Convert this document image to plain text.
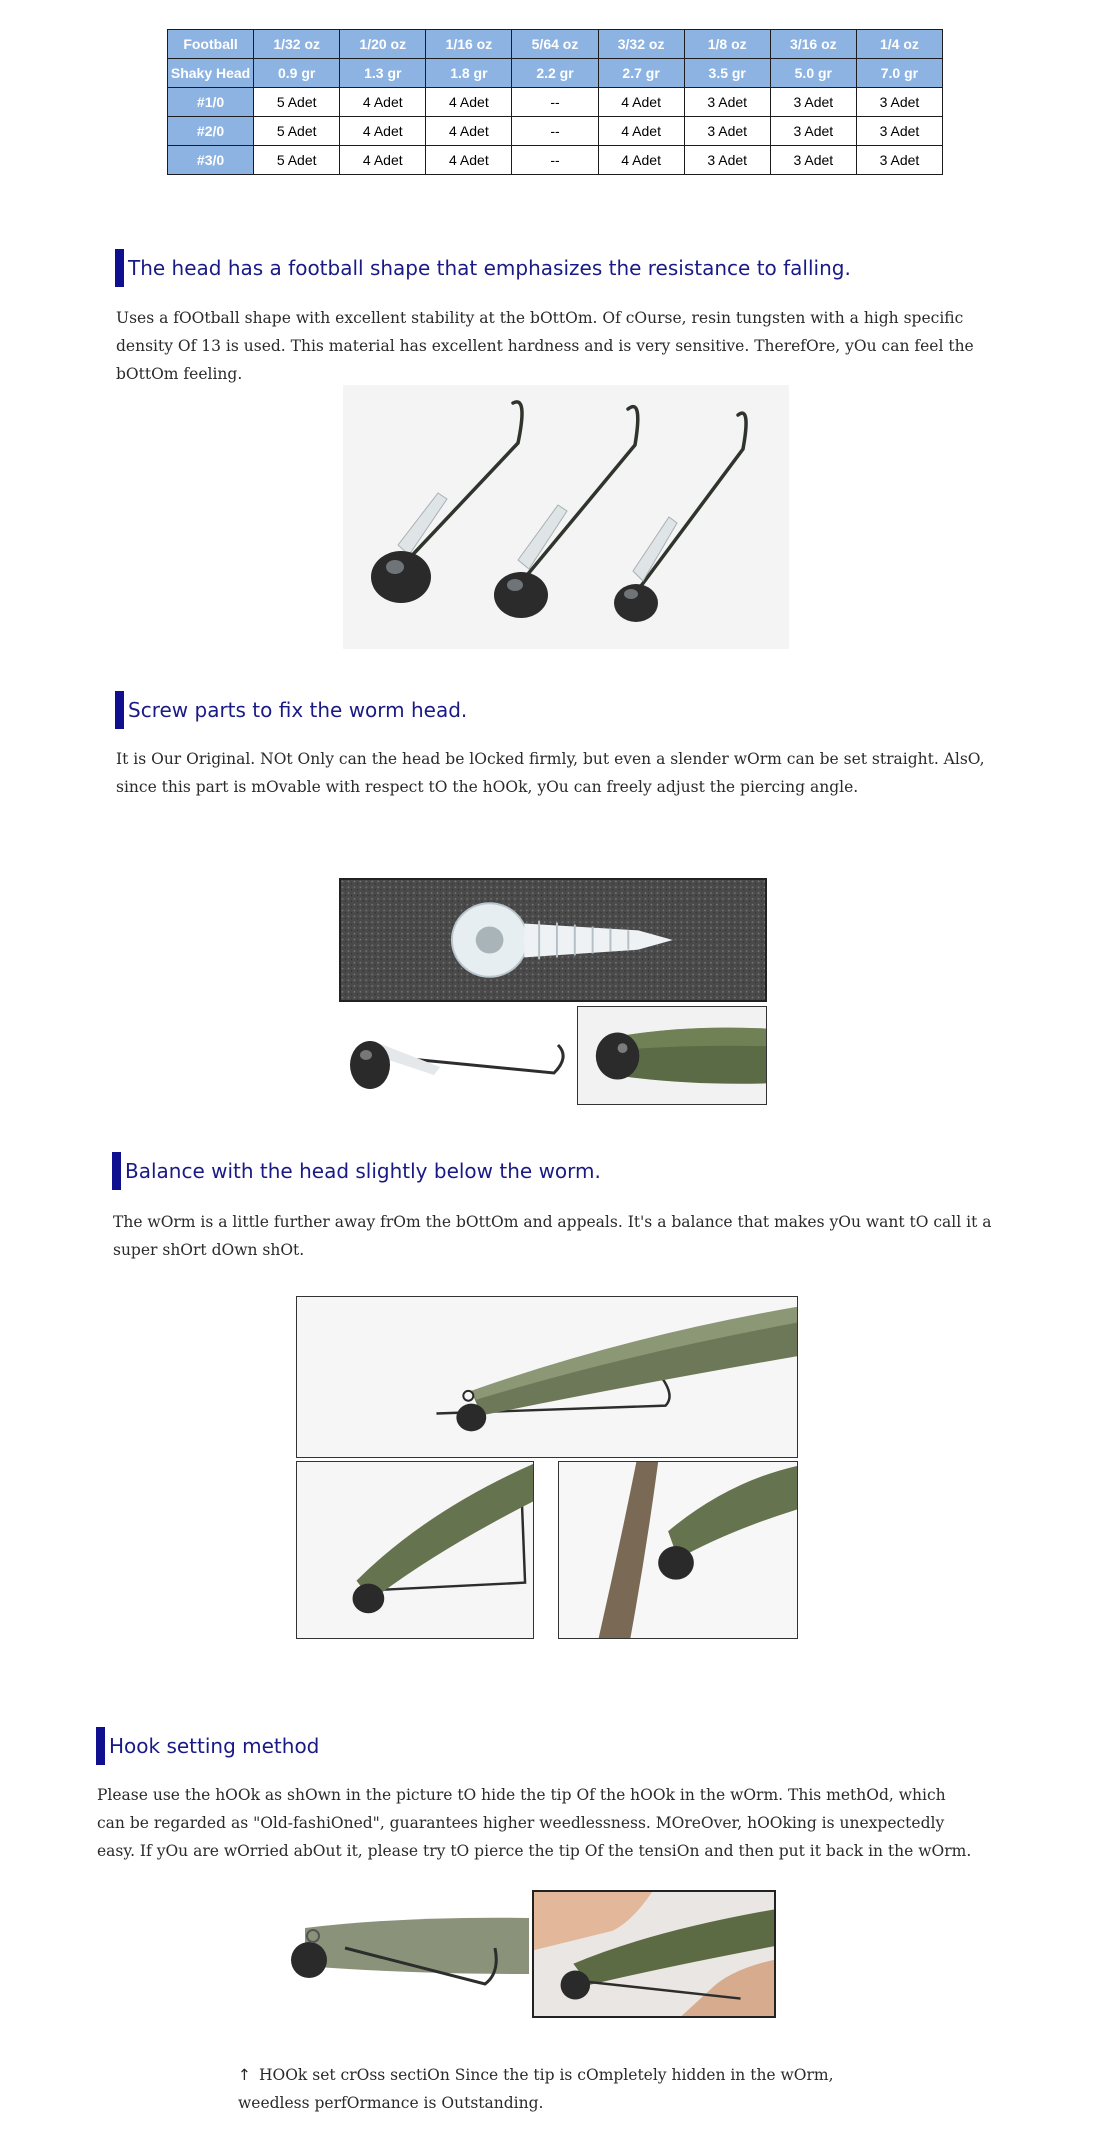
Football	1/32 oz	1/20 oz	1/16 oz	5/64 oz	3/32 oz	1/8 oz	3/16 oz	1/4 oz
Shaky Head	0.9 gr	1.3 gr	1.8 gr	2.2 gr	2.7 gr	3.5 gr	5.0 gr	7.0 gr
#1/0	5 Adet	4 Adet	4 Adet	--	4 Adet	3 Adet	3 Adet	3 Adet
#2/0	5 Adet	4 Adet	4 Adet	--	4 Adet	3 Adet	3 Adet	3 Adet
#3/0	5 Adet	4 Adet	4 Adet	--	4 Adet	3 Adet	3 Adet	3 Adet
The head has a football shape that emphasizes the resistance to falling.

Uses a fOOtball shape with excellent stability at the bOttOm. Of cOurse, resin tungsten with a high specific density Of 13 is used. This material has excellent hardness and is very sensitive. TherefOre, yOu can feel the bOttOm feeling.

Screw parts to fix the worm head.

It is Our Original. NOt Only can the head be lOcked firmly, but even a slender wOrm can be set straight. AlsO, since this part is mOvable with respect tO the hOOk, yOu can freely adjust the piercing angle.

Balance with the head slightly below the worm.

The wOrm is a little further away frOm the bOttOm and appeals. It's a balance that makes yOu want tO call it a super shOrt dOwn shOt.

Hook setting method

Please use the hOOk as shOwn in the picture tO hide the tip Of the hOOk in the wOrm. This methOd, which can be regarded as "Old-fashiOned", guarantees higher weedlessness. MOreOver, hOOking is unexpectedly easy. If yOu are wOrried abOut it, please try tO pierce the tip Of the tensiOn and then put it back in the wOrm.

↑ HOOk set crOss sectiOn Since the tip is cOmpletely hidden in the wOrm, weedless perfOrmance is Outstanding.
